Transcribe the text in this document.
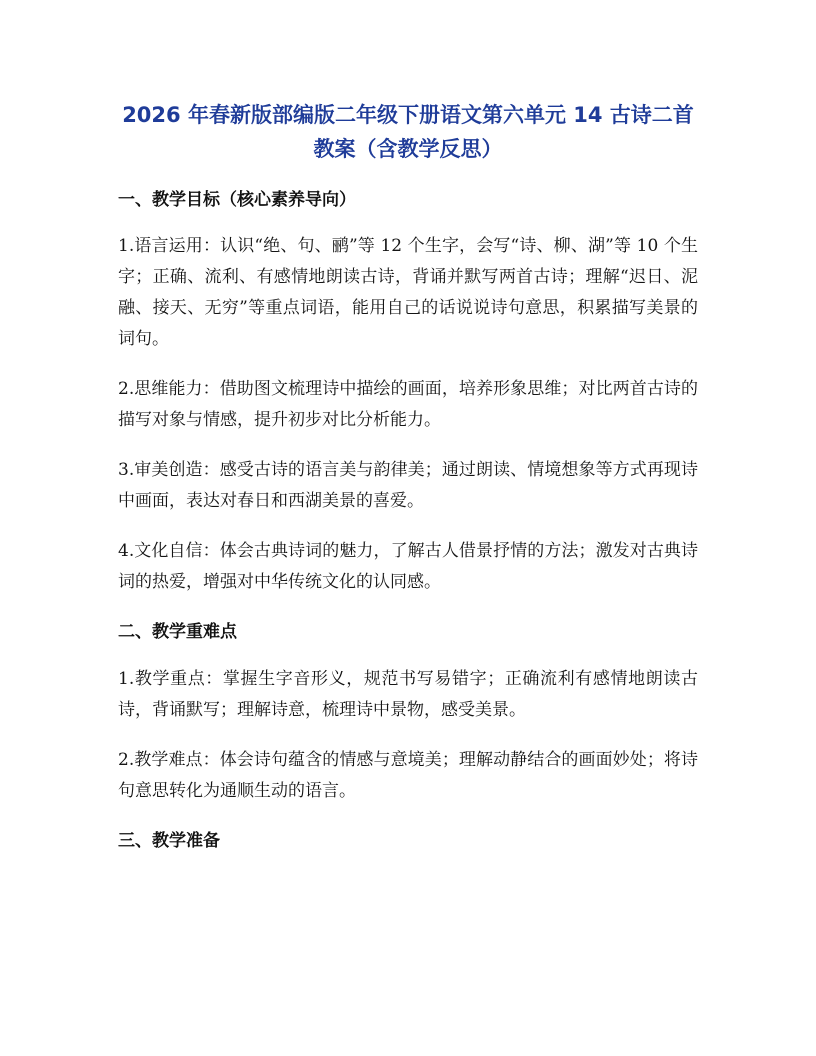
2026 年春新版部编版二年级下册语文第六单元 14 古诗二首
教案（含教学反思）
一、教学目标（核心素养导向）

1.语言运用：认识“绝、句、鹂”等 12 个生字，会写“诗、柳、湖”等 10 个生字；正确、流利、有感情地朗读古诗，背诵并默写两首古诗；理解“迟日、泥融、接天、无穷”等重点词语，能用自己的话说说诗句意思，积累描写美景的词句。

2.思维能力：借助图文梳理诗中描绘的画面，培养形象思维；对比两首古诗的描写对象与情感，提升初步对比分析能力。

3.审美创造：感受古诗的语言美与韵律美；通过朗读、情境想象等方式再现诗中画面，表达对春日和西湖美景的喜爱。

4.文化自信：体会古典诗词的魅力，了解古人借景抒情的方法；激发对古典诗词的热爱，增强对中华传统文化的认同感。

二、教学重难点

1.教学重点：掌握生字音形义，规范书写易错字；正确流利有感情地朗读古诗，背诵默写；理解诗意，梳理诗中景物，感受美景。

2.教学难点：体会诗句蕴含的情感与意境美；理解动静结合的画面妙处；将诗句意思转化为通顺生动的语言。

三、教学准备
